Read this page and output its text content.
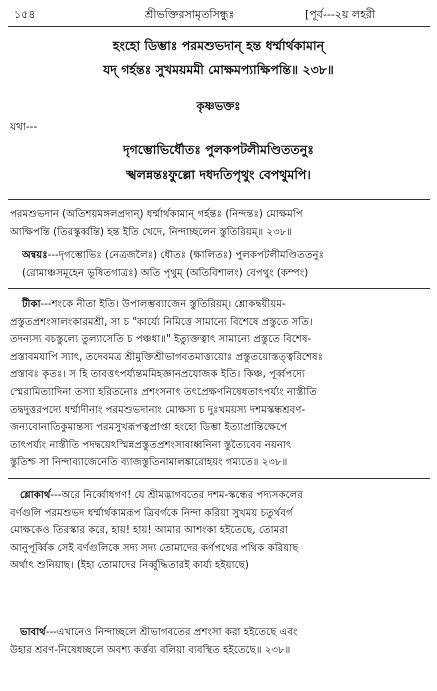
১৫৪	শ্রীভক্তিরসামৃতসিন্ধুঃ	[পূর্ব---২য় লহরী
হংহো ডিম্ভাঃ পরমশুভদান্ হন্ত ধর্ম্মার্থকামান্
যদ্ গর্হন্তঃ সুখময়মমী মোক্ষমপ্যাক্ষিপন্তি॥ ২৩৮॥
কৃষ্ণভক্তঃ
যথা---
দৃগম্ভোভির্ধৌতঃ পুলকপটলীমণ্ডিততনুঃ
স্খলন্নন্তঃফুল্লো দধদতিপৃথুং বেপথুমপি।
পরমশুভদান (অতিশয়মঙ্গলপ্রদান্) ধর্ম্মার্থকামান্ গর্হন্তঃ (নিন্দন্তঃ) মোক্ষমপি
আক্ষিপন্তি (তিরস্কুর্ব্বন্তি) হন্ত ইতি খেদে, নিন্দাচ্ছলেন স্তুতিরিয়ম্॥ ২৩৮॥
অন্বয়ঃ---দৃগম্ভোভিঃ (নেত্রজলৈঃ) ধৌতঃ (ক্ষালিতঃ) পুলকপটলীমণ্ডিততনুঃ
(রোমাঞ্চসমূহেন ভূষিতগাত্রঃ) অতি পৃথুম্ (অতিবিশালং) বেপথুং (কম্পং)
টীকা---শংকে নীতা ইতি। উপালম্ভব্যাজেন স্তুতিরিয়ম্। শ্লোকদ্বয়ীয়ম-
প্রস্তুতপ্রশংসালংকারমশ্রী, সা চ "কার্য্যে নিমিত্তে সামান্যে বিশেষে প্রস্তুতে সতি।
তদন্যস্য বচস্তুল্যে তুল্যাসেতি চ পঞ্চধা॥" ইত্যুক্তত্বাৎ সামান্যে প্রস্তুতে বিশেষ-
প্রস্তাবমযাপি স্যাৎ, তদেবমত্র শ্রীমুক্তিশ্রীভাগবতমাত্ত্যয়োঃ প্রস্তুতয়োস্তত্ত্বরিশেষঃ
প্রস্তাবঃ কৃতঃ। স হি তাবত্তৎপর্য্যন্তমমিহজ্ঞানপ্রযোজক ইতি। কিঞ্চ, পূর্ব্বপদ্যে
স্মেরামিত্যাদিনা তস্যা হরিতনোঃ প্রশংসনাৎ তৎপ্রেক্ষণনিষেধতাৎপর্য্যং নাস্তীতি
তদ্বদুত্তরপদ্যে ধর্ম্মাদীনাং পরমশুভদানাং মোক্ষস্য চ দুঃখময়স্য দশমস্কন্ধশ্রবণ-
জন্যবোনাতিকুমান্তস্য পরমসুখরূপত্বপ্রাপ্তা হংহো ডিম্ভা ইত্যাপ্রান্তিক্ষেপে
তাৎপর্য্যং নাস্তীতি পদদ্বয়েঽস্মিন্নপ্রস্তুতপ্রশংসাবাধ্বনিনা স্তুত্যৈবেব নয়নাৎ
স্তুতিশ্চ সা নিন্দাব্যাজেনেতি ব্যাজস্তুতিনামালঙ্কারোহয়ং গম্যতে॥ ২৩৮॥
শ্লোকার্থ---অরে নির্ব্বোধগণ! যে শ্রীমদ্ভাগবতের দশম-স্কন্ধের পদ্যসকলের
বর্ণগুলি পরমশুভদ ধর্ম্মার্থকামরূপ ত্রিবর্গকে নিন্দা করিয়া সুখময় চতুর্থবর্গ
মোক্ষকেও তিরস্কার করে, হায়! হায়! আমার আশংকা হইতেছে, তোমরা
আনুপূর্ব্বিক সেই বর্ণগুলিকে সদ্য সদ্য তোমাদের কর্ণপথের পথিক করিয়াছ
অর্থাৎ শুনিয়াছ। (ইহা তোমাদের নির্ব্বুদ্ধিতারই কার্য্য হইয়াছে)
ভাবার্থ---এখানেও নিন্দাচ্ছলে শ্রীভাগবতের প্রশংসা করা হইতেছে এবং
উহার শ্রবণ-নিষেধচ্ছলে অবশ্য কর্ত্তব্য বলিয়া ব্যবস্থিত হইতেছে॥ ২৩৮॥
